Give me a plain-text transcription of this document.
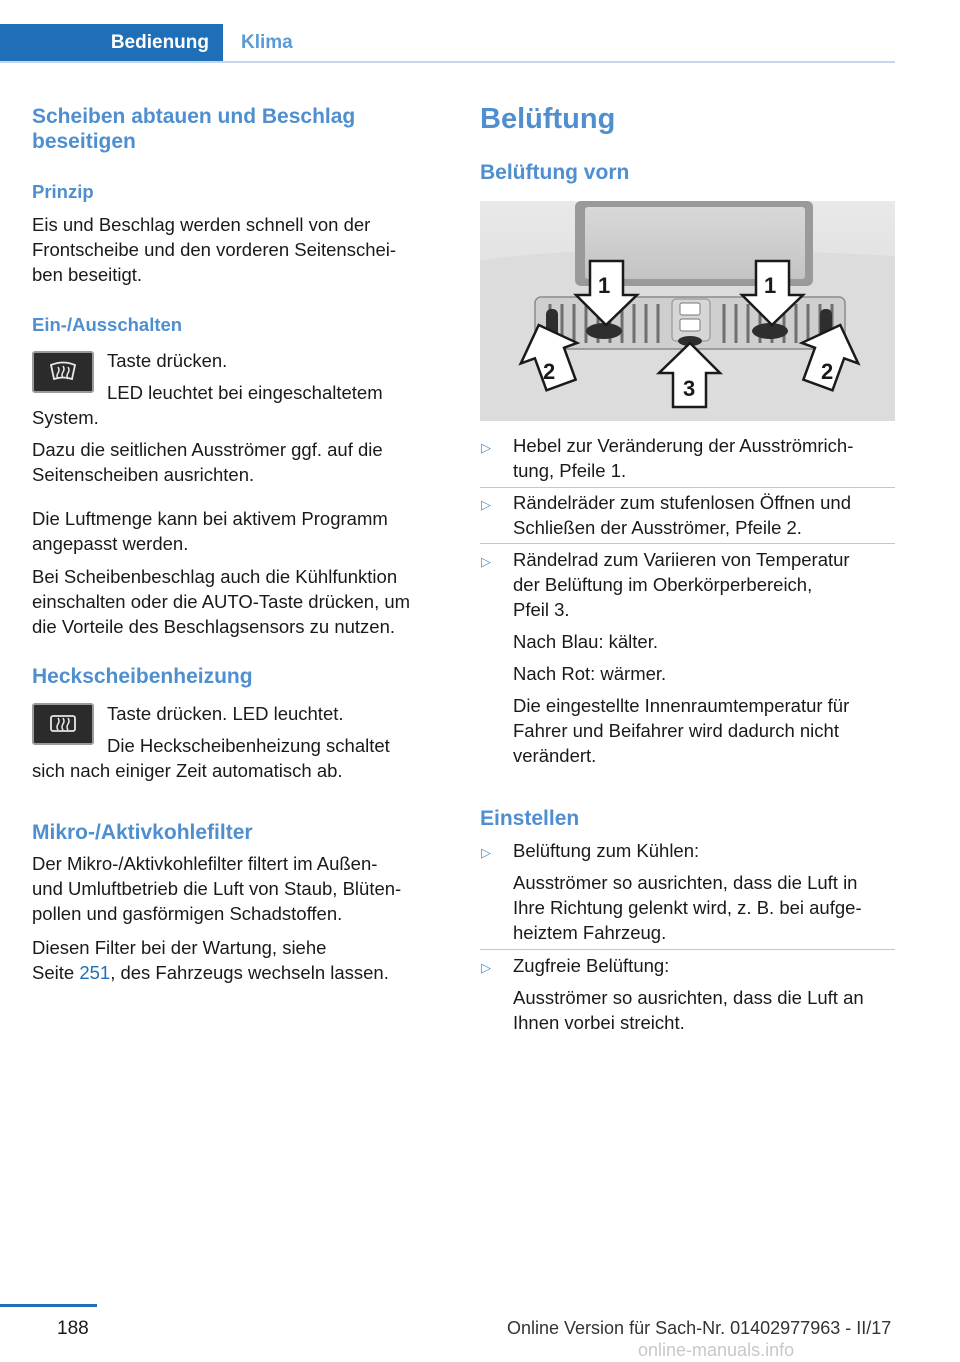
Bedienung Klima
Scheiben abtauen und Beschlag
beseitigen
Prinzip
Eis und Beschlag werden schnell von der
Frontscheibe und den vorderen Seitenschei-
ben beseitigt.
Ein-/Ausschalten
Taste drücken.
LED leuchtet bei eingeschaltetem
System.
Dazu die seitlichen Ausströmer ggf. auf die
Seitenscheiben ausrichten.
Die Luftmenge kann bei aktivem Programm
angepasst werden.
Bei Scheibenbeschlag auch die Kühlfunktion
einschalten oder die AUTO-Taste drücken, um
die Vorteile des Beschlagsensors zu nutzen.
Heckscheibenheizung
Taste drücken. LED leuchtet.
Die Heckscheibenheizung schaltet
sich nach einiger Zeit automatisch ab.
Mikro-/Aktivkohlefilter
Der Mikro-/Aktivkohlefilter filtert im Außen-
und Umluftbetrieb die Luft von Staub, Blüten-
pollen und gasförmigen Schadstoffen.
Diesen Filter bei der Wartung, siehe
Seite 251, des Fahrzeugs wechseln lassen.
Belüftung
Belüftung vorn
1	1
2
3
2
▷ Hebel zur Veränderung der Ausströmrich-
tung, Pfeile 1.
▷ Rändelräder zum stufenlosen Öffnen und
Schließen der Ausströmer, Pfeile 2.
▷ Rändelrad zum Variieren von Temperatur
der Belüftung im Oberkörperbereich,
Pfeil 3.
Nach Blau: kälter.
Nach Rot: wärmer.
Die eingestellte Innenraumtemperatur für
Fahrer und Beifahrer wird dadurch nicht
verändert.
Einstellen
▷ Belüftung zum Kühlen:
Ausströmer so ausrichten, dass die Luft in
Ihre Richtung gelenkt wird, z. B. bei aufge-
heiztem Fahrzeug.
▷ Zugfreie Belüftung:
Ausströmer so ausrichten, dass die Luft an
Ihnen vorbei streicht.
188	Online Version für Sach-Nr. 01402977963 - II/17
online-manuals.info
